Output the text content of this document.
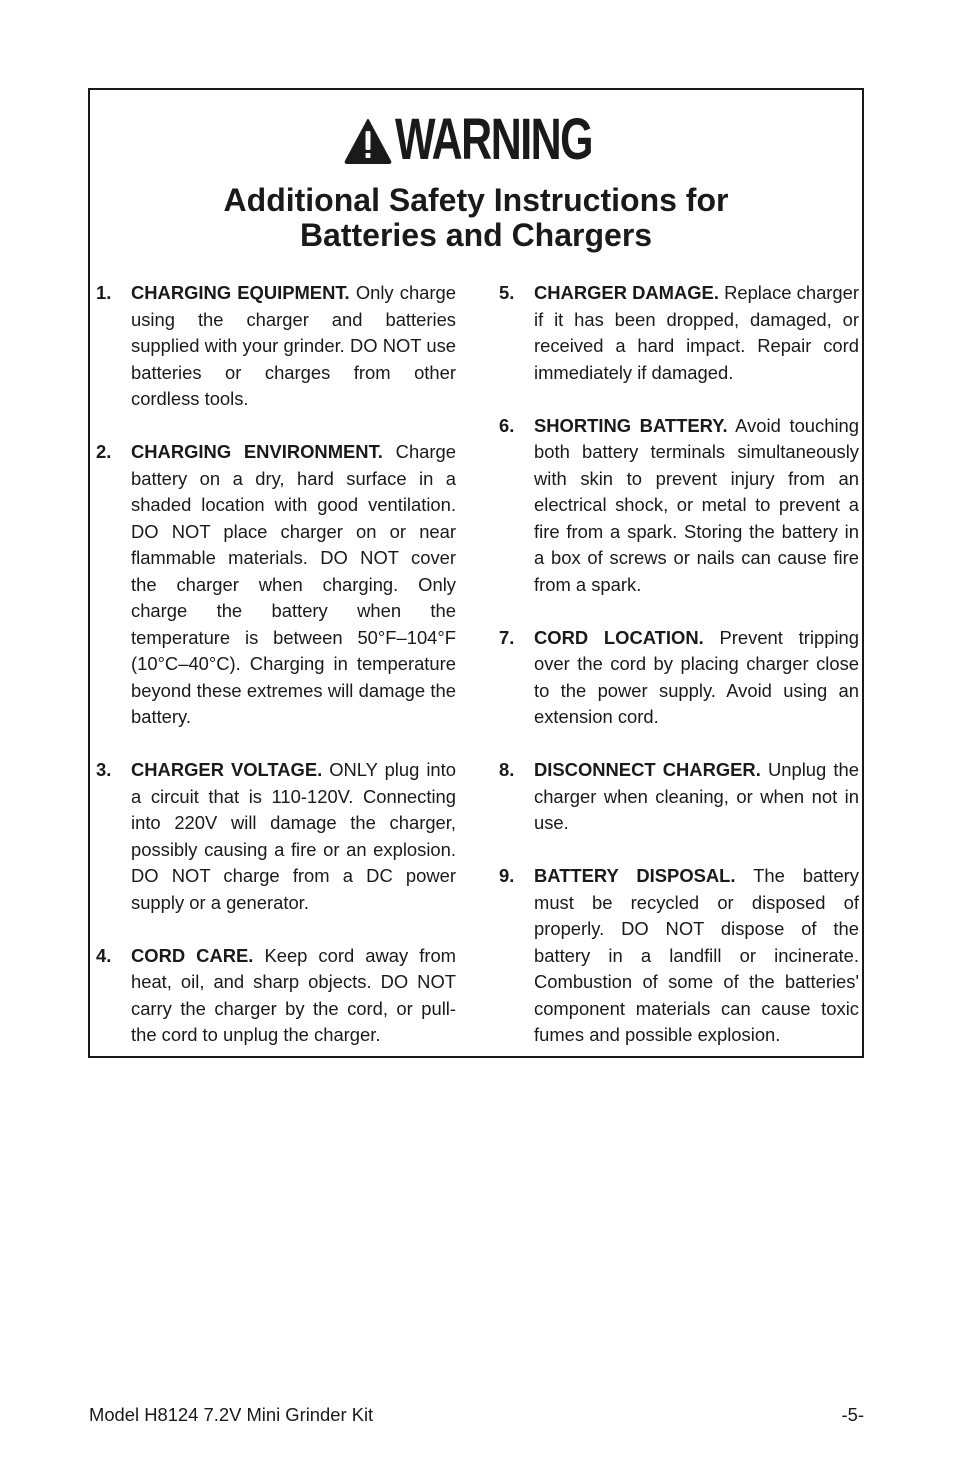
WARNING
Additional Safety Instructions for
Batteries and Chargers
1.	CHARGING EQUIPMENT. Only charge using the charger and batteries supplied with your grinder. DO NOT use batteries or charges from other cordless tools.
2.	CHARGING ENVIRONMENT. Charge battery on a dry, hard surface in a shaded location with good ventilation. DO NOT place charger on or near flammable materials. DO NOT cover the charger when charging. Only charge the battery when the temperature is between 50°F–104°F (10°C–40°C). Charging in temperature beyond these extremes will damage the battery.
3.	CHARGER VOLTAGE. ONLY plug into a circuit that is 110-120V. Connecting into 220V will damage the charger, possibly causing a fire or an explosion. DO NOT charge from a DC power supply or a generator.
4.	CORD CARE. Keep cord away from heat, oil, and sharp objects. DO NOT carry the charger by the cord, or pull- the cord to unplug the charger.
5.	CHARGER DAMAGE. Replace charger if it has been dropped, damaged, or received a hard impact. Repair cord immediately if damaged.
6.	SHORTING BATTERY. Avoid touching both battery terminals simultaneously with skin to prevent injury from an electrical shock, or metal to prevent a fire from a spark. Storing the battery in a box of screws or nails can cause fire from a spark.
7.	CORD LOCATION. Prevent tripping over the cord by placing charger close to the power supply. Avoid using an extension cord.
8.	DISCONNECT CHARGER. Unplug the charger when cleaning, or when not in use.
9.	BATTERY DISPOSAL. The battery must be recycled or disposed of properly. DO NOT dispose of the battery in a landfill or incinerate. Combustion of some of the batteries' component materials can cause toxic fumes and possible explosion.
Model H8124 7.2V Mini Grinder Kit	-5-
